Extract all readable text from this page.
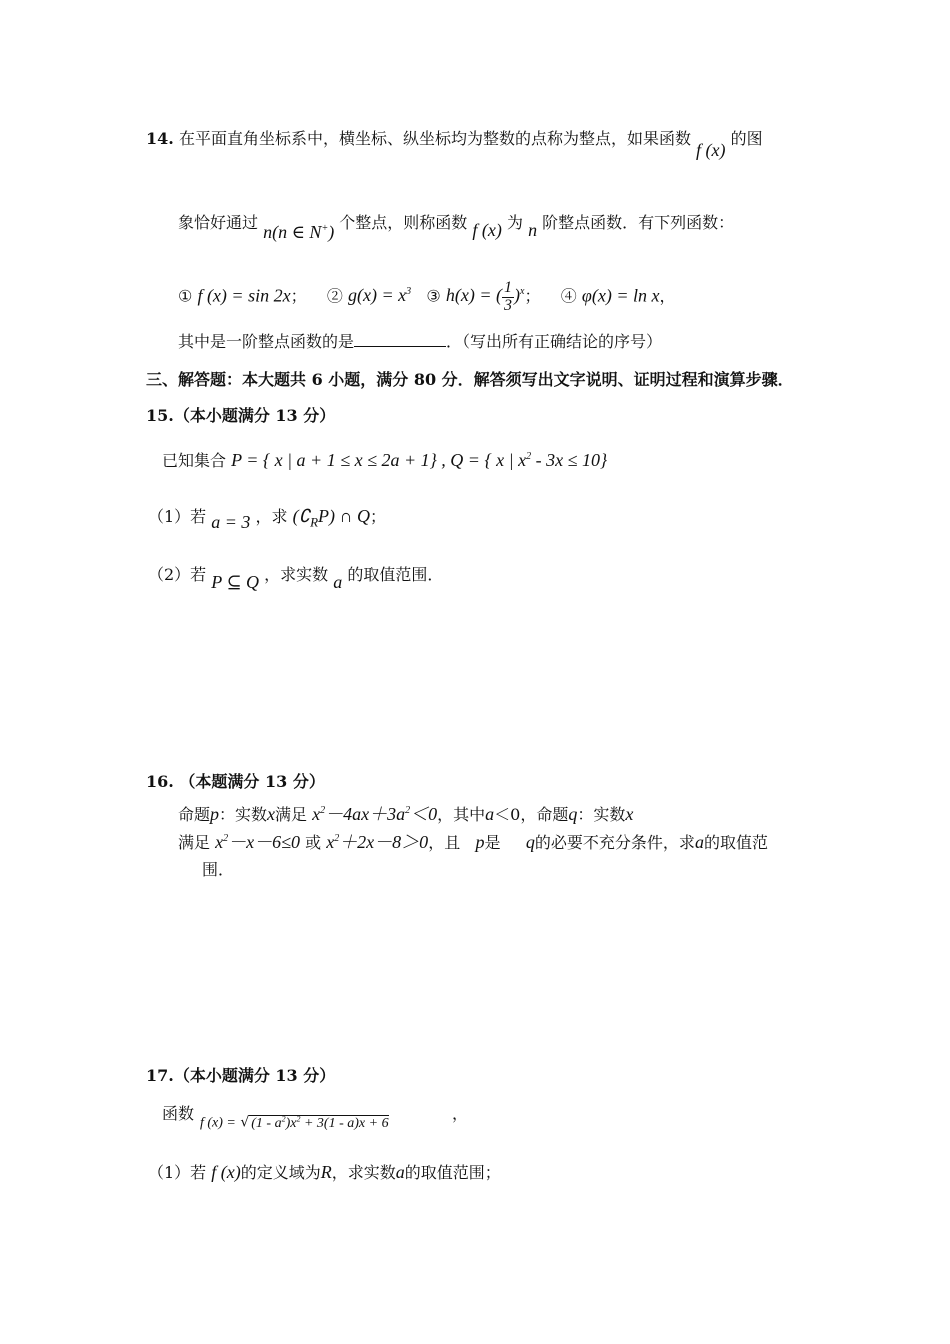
14. 在平面直角坐标系中，横坐标、纵坐标均为整数的点称为整点，如果函数 f (x) 的图
象恰好通过 n(n ∈ N+) 个整点，则称函数 f (x) 为 n 阶整点函数．有下列函数：
① f (x) = sin 2x； ② $g(x) = x^3$ ③ h(x) = ( $\frac{1}{3} )^x$； ④ φ(x) = ln x，
其中是一阶整点函数的是	．（写出所有正确结论的序号）
三、解答题：本大题共 6 小题，满分 80 分．解答须写出文字说明、证明过程和演算步骤．
15.（本小题满分 13 分）
已知集合 P = { x | a + 1 ≤ x ≤ 2a + 1} , Q = { x | $x^2 - 3x \le 10$}
（1）若 a = 3 ，求 $(∁_RP)$ ∩ Q；
（2）若 P ⊆ Q ，求实数 a 的取值范围．
16. （本题满分 13 分）
命题p：实数x满足 $x^2-4ax+3a^2<0$，其中a＜0，命题q：实数x
满足 $x^2-x-6\le 0$ 或 $x^2+2x-8>0$，且 p是 q的必要不充分条件，求a的取值范
围．
17.（本小题满分 13 分）
函数
f (x) = √ $(1 - a^2)x^2 + 3(1 - a)x + 6$
，
（1）若 f (x)的定义域为R，求实数a的取值范围；
